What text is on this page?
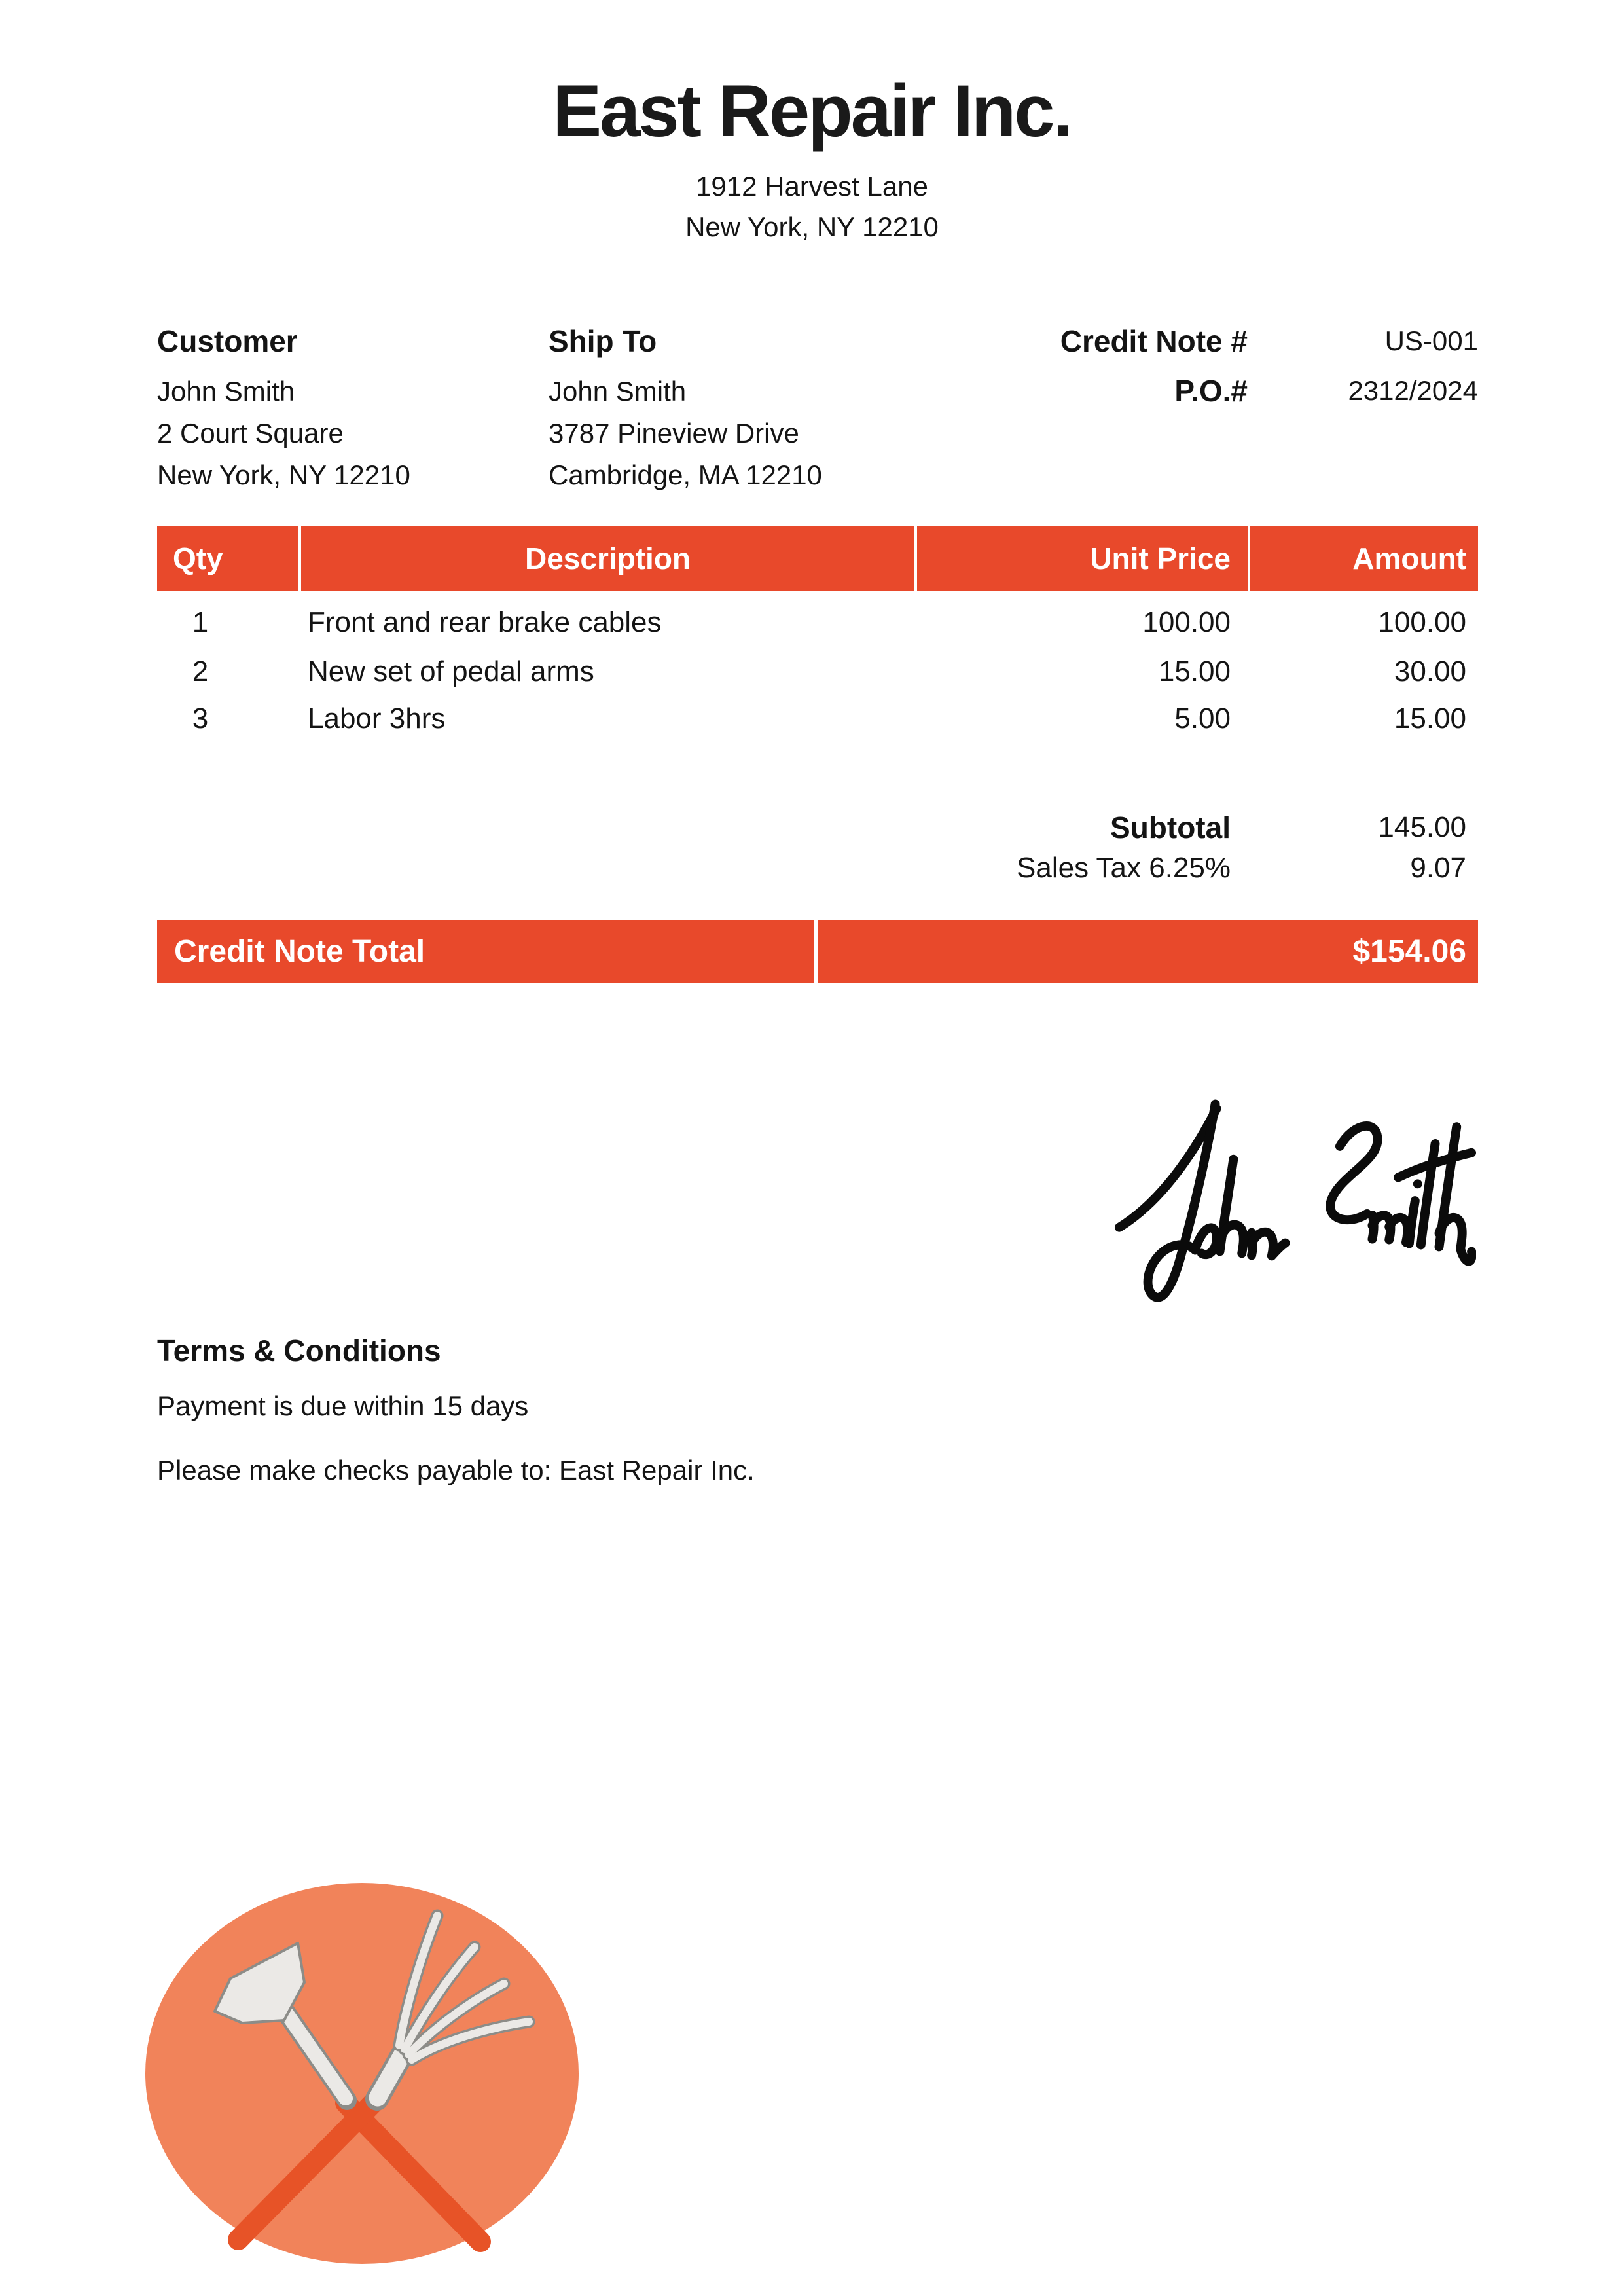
East Repair Inc.
1912 Harvest Lane
New York, NY 12210
Customer

John Smith

2 Court Square

New York, NY 12210

Ship To

John Smith

3787 Pineview Drive

Cambridge, MA 12210

Credit Note #	US-001
P.O.#	2312/2024
Qty	Description	Unit Price	Amount
1	Front and rear brake cables	100.00	100.00
2	New set of pedal arms	15.00	30.00
3	Labor 3hrs	5.00	15.00
Subtotal	145.00
Sales Tax 6.25%	9.07
Credit Note Total	$154.06
Terms & Conditions

Payment is due within 15 days

Please make checks payable to: East Repair Inc.
